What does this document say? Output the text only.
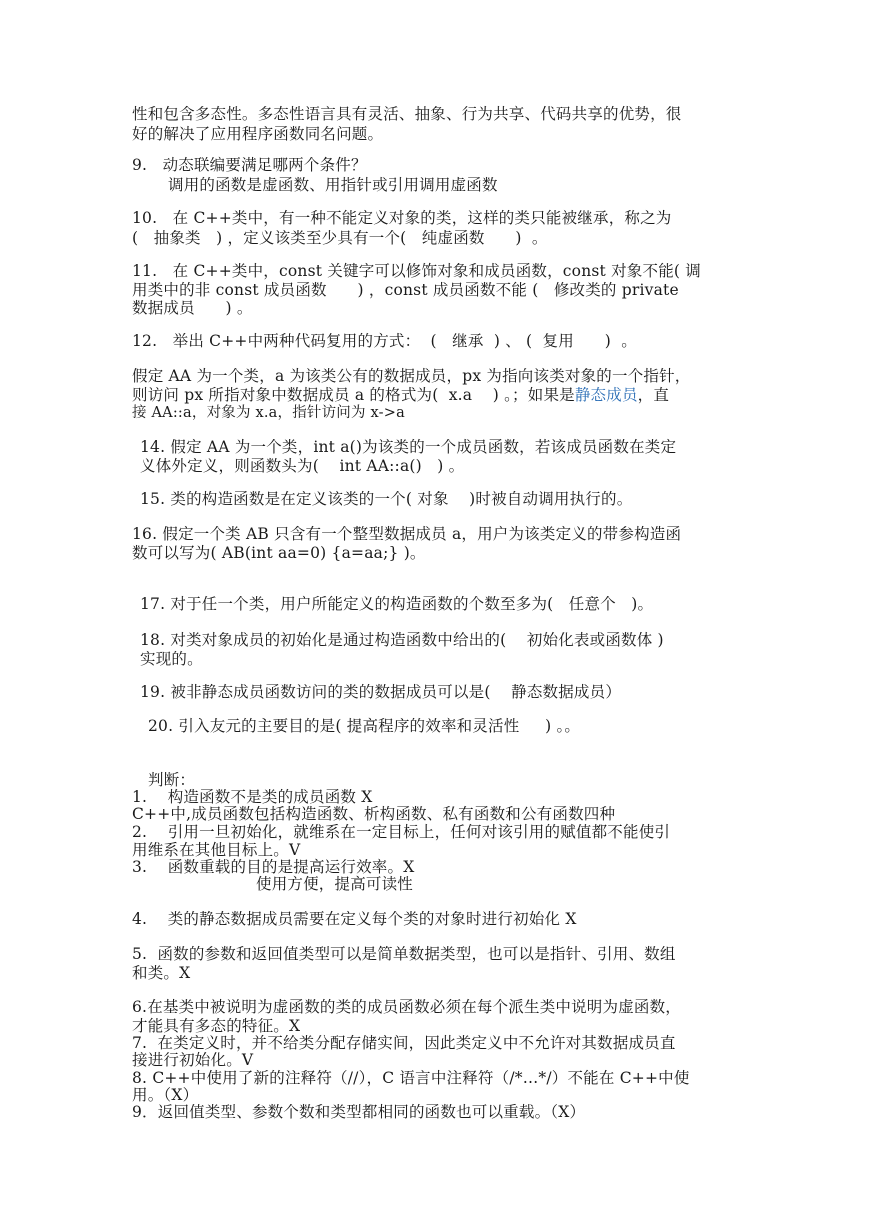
性和包含多态性。多态性语言具有灵活、抽象、行为共享、代码共享的优势，很
好的解决了应用程序函数同名问题。
9.   动态联编要满足哪两个条件？
调用的函数是虚函数、用指针或引用调用虚函数
10.   在 C++类中，有一种不能定义对象的类，这样的类只能被继承，称之为
(   抽象类   ) ，定义该类至少具有一个(   纯虚函数      )  。
11.   在 C++类中，const 关键字可以修饰对象和成员函数，const 对象不能( 调
用类中的非 const 成员函数      ) ，const 成员函数不能 (   修改类的 private
数据成员      ) 。
12.   举出 C++中两种代码复用的方式：  (   继承  ) 、 (  复用      )  。
假定 AA 为一个类，a 为该类公有的数据成员，px 为指向该类对象的一个指针，
则访问 px 所指对象中数据成员 a 的格式为(  x.a    ) 。；如果是静态成员，直
接 AA::a，对象为 x.a，指针访问为 x->a
14. 假定 AA 为一个类，int a()为该类的一个成员函数，若该成员函数在类定
义体外定义，则函数头为(    int AA::a()   ) 。
15. 类的构造函数是在定义该类的一个( 对象    )时被自动调用执行的。
16. 假定一个类 AB 只含有一个整型数据成员 a，用户为该类定义的带参构造函
数可以写为( AB(int aa=0) {a=aa;} )。
17. 对于任一个类，用户所能定义的构造函数的个数至多为(   任意个   )。
18. 对类对象成员的初始化是通过构造函数中给出的(    初始化表或函数体 )
实现的。
19. 被非静态成员函数访问的类的数据成员可以是(    静态数据成员）
20. 引入友元的主要目的是( 提高程序的效率和灵活性     ) 。。
判断：
1.    构造函数不是类的成员函数 X
C++中,成员函数包括构造函数、析构函数、私有函数和公有函数四种
2.    引用一旦初始化，就维系在一定目标上，任何对该引用的赋值都不能使引
用维系在其他目标上。V
3.    函数重载的目的是提高运行效率。X
使用方便，提高可读性
4.    类的静态数据成员需要在定义每个类的对象时进行初始化 X
5.  函数的参数和返回值类型可以是简单数据类型，也可以是指针、引用、数组
和类。X
6.在基类中被说明为虚函数的类的成员函数必须在每个派生类中说明为虚函数，
才能具有多态的特征。X
7.  在类定义时，并不给类分配存储实间，因此类定义中不允许对其数据成员直
接进行初始化。V
8. C++中使用了新的注释符（//），C 语言中注释符（/*…*/）不能在 C++中使
用。（X）
9．返回值类型、参数个数和类型都相同的函数也可以重载。（X）
